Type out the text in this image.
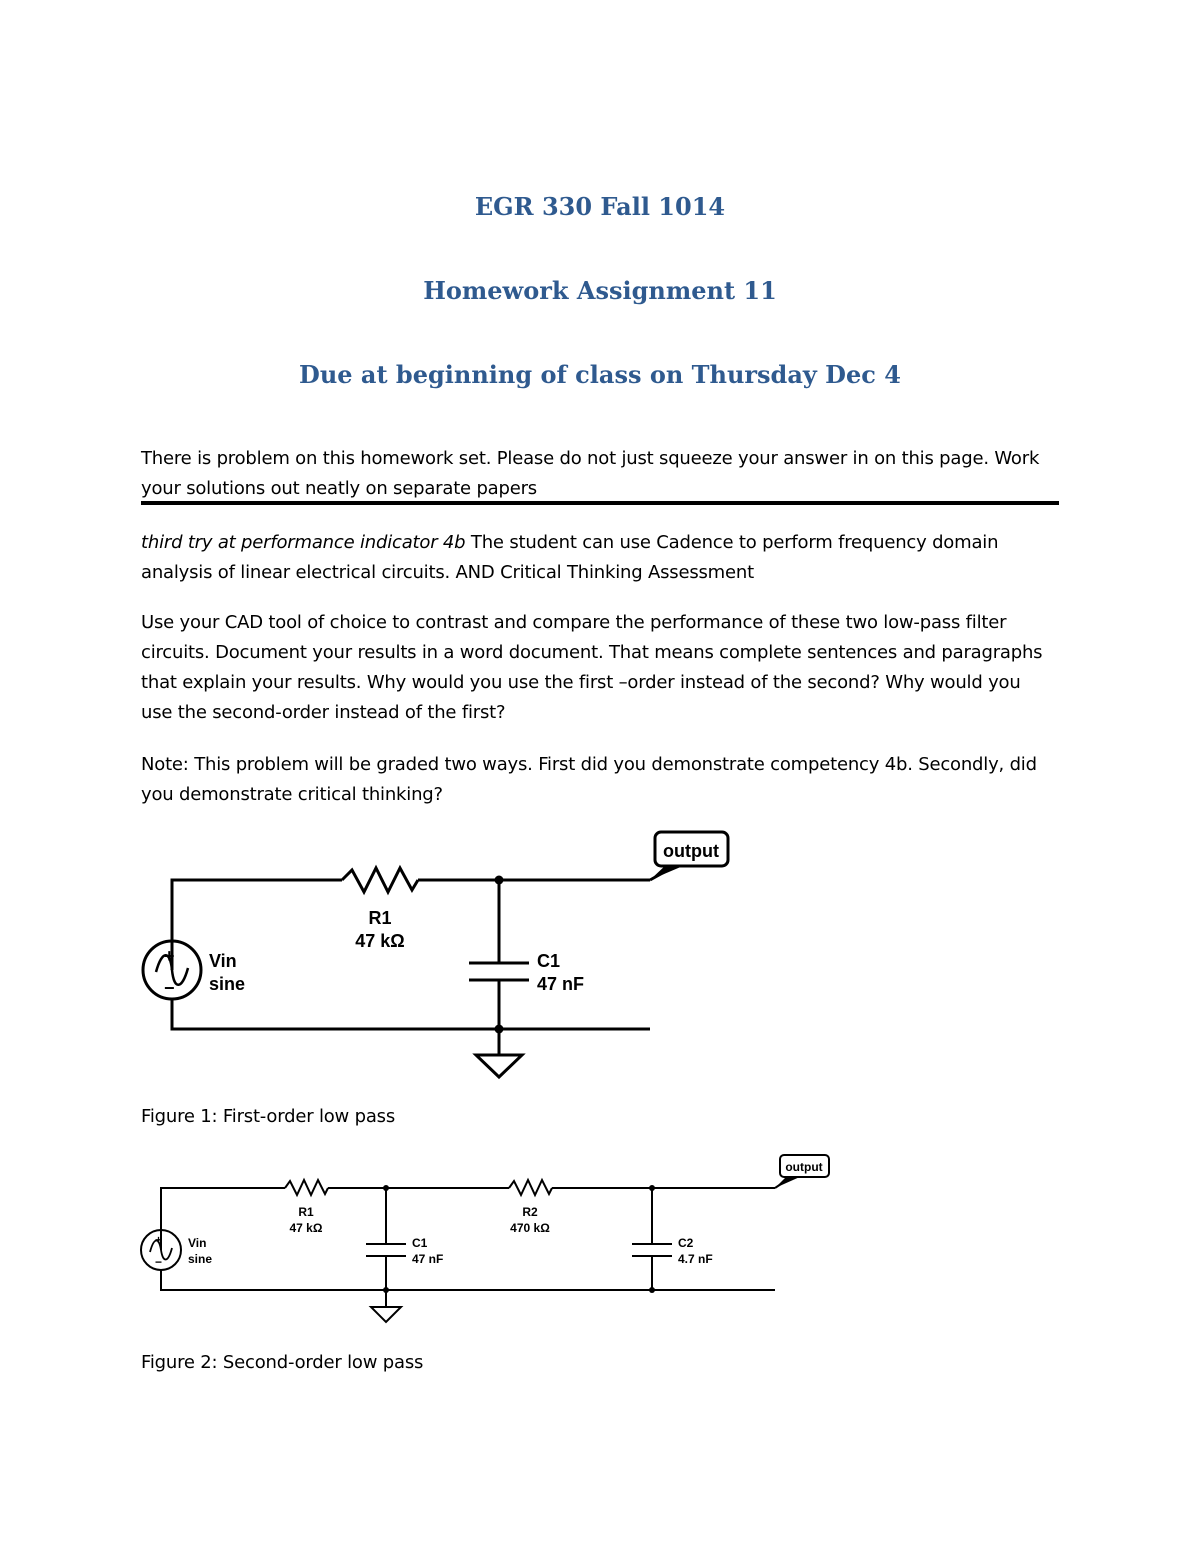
EGR 330 Fall 1014
Homework Assignment 11
Due at beginning of class on Thursday Dec 4

There is problem on this homework set. Please do not just squeeze your answer in on this page. Work
your solutions out neatly on separate papers

third try at performance indicator 4b The student can use Cadence to perform frequency domain
analysis of linear electrical circuits. AND Critical Thinking Assessment

Use your CAD tool of choice to contrast and compare the performance of these two low-pass filter
circuits. Document your results in a word document. That means complete sentences and paragraphs
that explain your results. Why would you use the first –order instead of the second? Why would you
use the second-order instead of the first?

Note: This problem will be graded two ways. First did you demonstrate competency 4b. Secondly, did
you demonstrate critical thinking?

+
−
output
R1
47 kΩ
Vin
sine
C1
47 nF

Figure 1: First-order low pass

+
−
output
R1
47 kΩ
R2
470 kΩ
Vin
sine
C1
47 nF
C2
4.7 nF

Figure 2: Second-order low pass
